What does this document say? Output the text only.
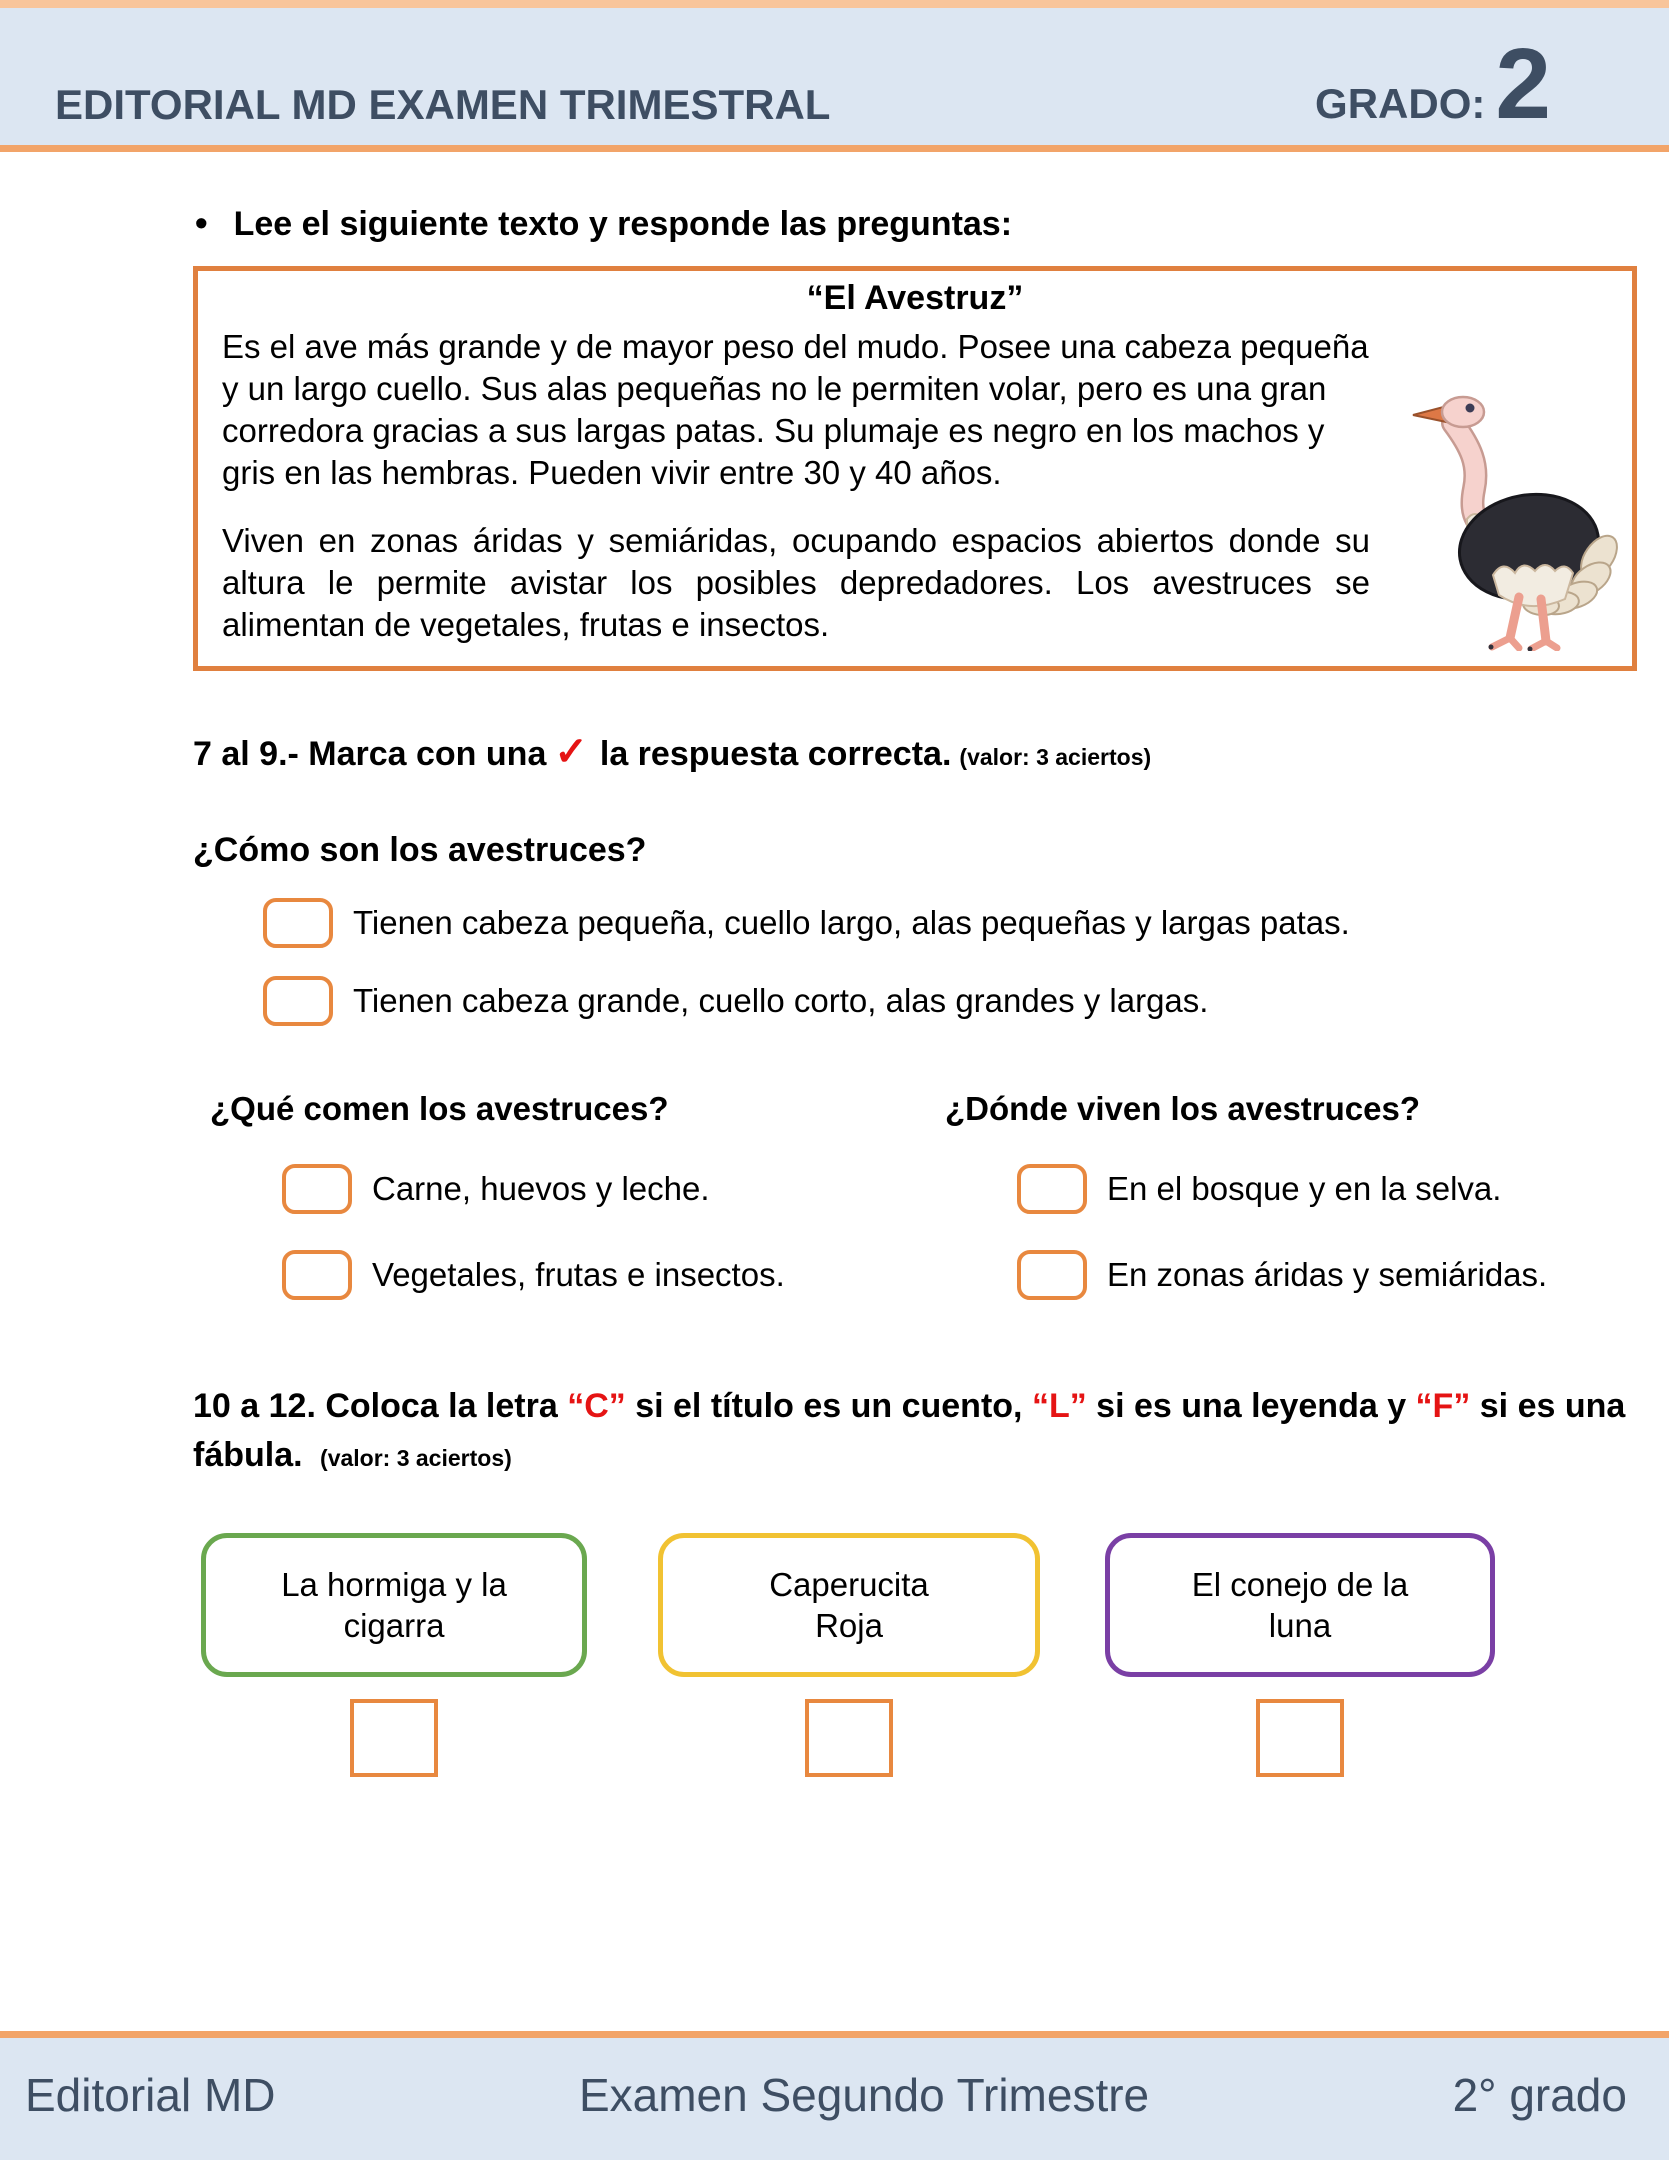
EDITORIAL MD EXAMEN TRIMESTRAL	GRADO: 2
• Lee el siguiente texto y responde las preguntas:
“El Avestruz”

Es el ave más grande y de mayor peso del mudo. Posee una cabeza pequeña y un largo cuello. Sus alas pequeñas no le permiten volar, pero es una gran corredora gracias a sus largas patas. Su plumaje es negro en los machos y gris en las hembras. Pueden vivir entre 30 y 40 años.

Viven en zonas áridas y semiáridas, ocupando espacios abiertos donde su altura le permite avistar los posibles depredadores. Los avestruces se alimentan de vegetales, frutas e insectos.

7 al 9.- Marca con una ✓ la respuesta correcta. (valor: 3 aciertos)
¿Cómo son los avestruces?
Tienen cabeza pequeña, cuello largo, alas pequeñas y largas patas.
Tienen cabeza grande, cuello corto, alas grandes y largas.
¿Qué comen los avestruces?
Carne, huevos y leche.
Vegetales, frutas e insectos.
¿Dónde viven los avestruces?
En el bosque y en la selva.
En zonas áridas y semiáridas.
10 a 12. Coloca la letra “C” si el título es un cuento, “L” si es una leyenda y “F” si es una fábula. (valor: 3 aciertos)
La hormiga y la
cigarra
Caperucita
Roja
El conejo de la
luna
Editorial MD	Examen Segundo Trimestre	2° grado
